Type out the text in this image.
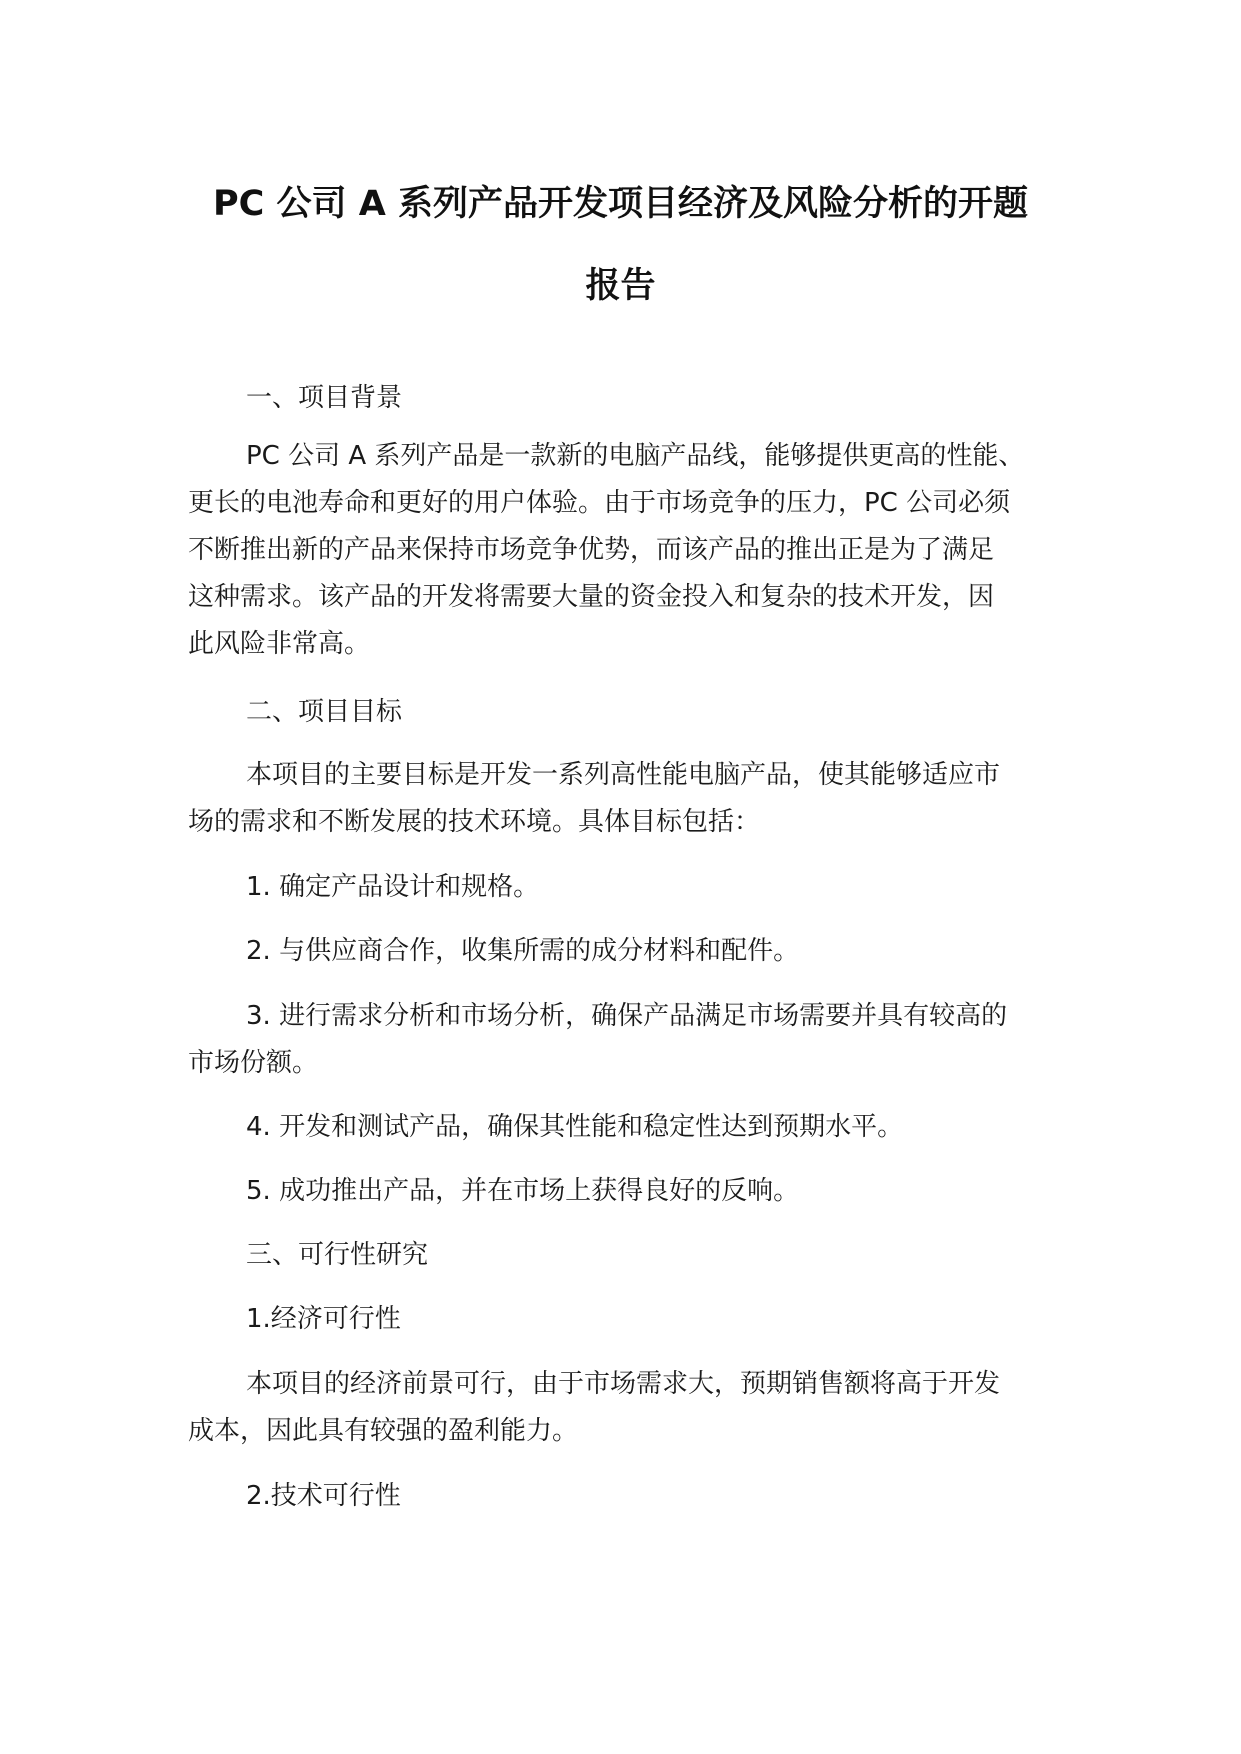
PC 公司 A 系列产品开发项目经济及风险分析的开题
报告

一、项目背景

PC 公司 A 系列产品是一款新的电脑产品线，能够提供更高的性能、

更长的电池寿命和更好的用户体验。由于市场竞争的压力，PC 公司必须

不断推出新的产品来保持市场竞争优势，而该产品的推出正是为了满足

这种需求。该产品的开发将需要大量的资金投入和复杂的技术开发，因

此风险非常高。

二、项目目标

本项目的主要目标是开发一系列高性能电脑产品，使其能够适应市

场的需求和不断发展的技术环境。具体目标包括：

1. 确定产品设计和规格。

2. 与供应商合作，收集所需的成分材料和配件。

3. 进行需求分析和市场分析，确保产品满足市场需要并具有较高的

市场份额。

4. 开发和测试产品，确保其性能和稳定性达到预期水平。

5. 成功推出产品，并在市场上获得良好的反响。

三、可行性研究

1.经济可行性

本项目的经济前景可行，由于市场需求大，预期销售额将高于开发

成本，因此具有较强的盈利能力。

2.技术可行性
